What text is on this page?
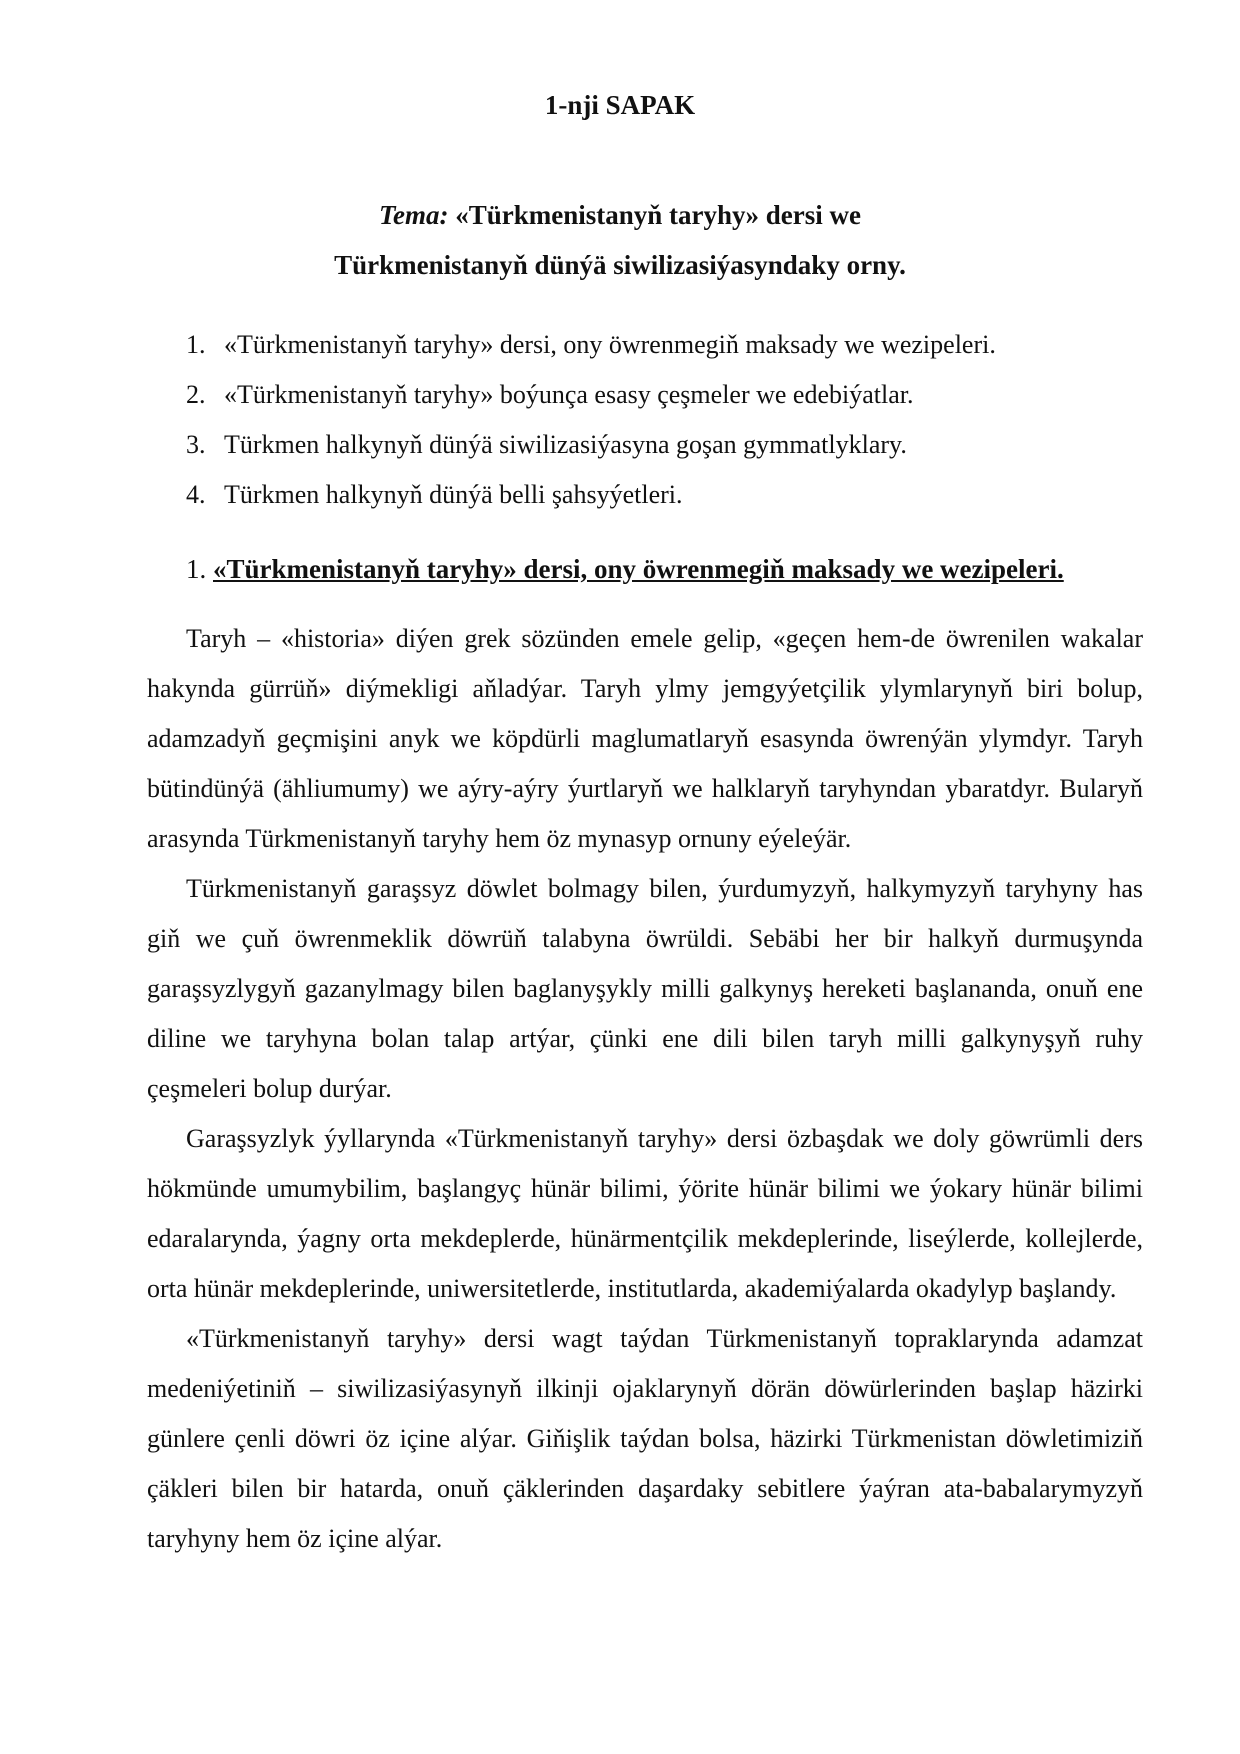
1-nji SAPAK
Tema: «Türkmenistanyň taryhy» dersi we
Türkmenistanyň dünýä siwilizasiýasyndaky orny.
1. «Türkmenistanyň taryhy» dersi, ony öwrenmegiň maksady we wezipeleri.
2. «Türkmenistanyň taryhy» boýunça esasy çeşmeler we edebiýatlar.
3. Türkmen halkynyň dünýä siwilizasiýasyna goşan gymmatlyklary.
4. Türkmen halkynyň dünýä belli şahsyýetleri.
1. «Türkmenistanyň taryhy» dersi, ony öwrenmegiň maksady we wezipeleri.

Taryh – «historia» diýen grek sözünden emele gelip, «geçen hem-de öwrenilen wakalar hakynda gürrüň» diýmekligi aňladýar. Taryh ylmy jemgyýetçilik ylymlarynyň biri bolup, adamzadyň geçmişini anyk we köpdürli maglumatlaryň esasynda öwrenýän ylymdyr. Taryh bütindünýä (ähliumumy) we aýry-aýry ýurtlaryň we halklaryň taryhyndan ybaratdyr. Bularyň arasynda Türkmenistanyň taryhy hem öz mynasyp ornuny eýeleýär.

Türkmenistanyň garaşsyz döwlet bolmagy bilen, ýurdumyzyň, halkymyzyň taryhyny has giň we çuň öwrenmeklik döwrüň talabyna öwrüldi. Sebäbi her bir halkyň durmuşynda garaşsyzlygyň gazanylmagy bilen baglanyşykly milli galkynyş hereketi başlananda, onuň ene diline we taryhyna bolan talap artýar, çünki ene dili bilen taryh milli galkynyşyň ruhy çeşmeleri bolup durýar.

Garaşsyzlyk ýyllarynda «Türkmenistanyň taryhy» dersi özbaşdak we doly göwrümli ders hökmünde umumybilim, başlangyç hünär bilimi, ýörite hünär bilimi we ýokary hünär bilimi edaralarynda, ýagny orta mekdeplerde, hünärmentçilik mekdeplerinde, liseýlerde, kollejlerde, orta hünär mekdeplerinde, uniwersitetlerde, institutlarda, akademiýalarda okadylyp başlandy.

«Türkmenistanyň taryhy» dersi wagt taýdan Türkmenistanyň topraklarynda adamzat medeniýetiniň – siwilizasiýasynyň ilkinji ojaklarynyň dörän döwürlerinden başlap häzirki günlere çenli döwri öz içine alýar. Giňişlik taýdan bolsa, häzirki Türkmenistan döwletimiziň çäkleri bilen bir hatarda, onuň çäklerinden daşardaky sebitlere ýaýran ata-babalarymyzyň taryhyny hem öz içine alýar.
